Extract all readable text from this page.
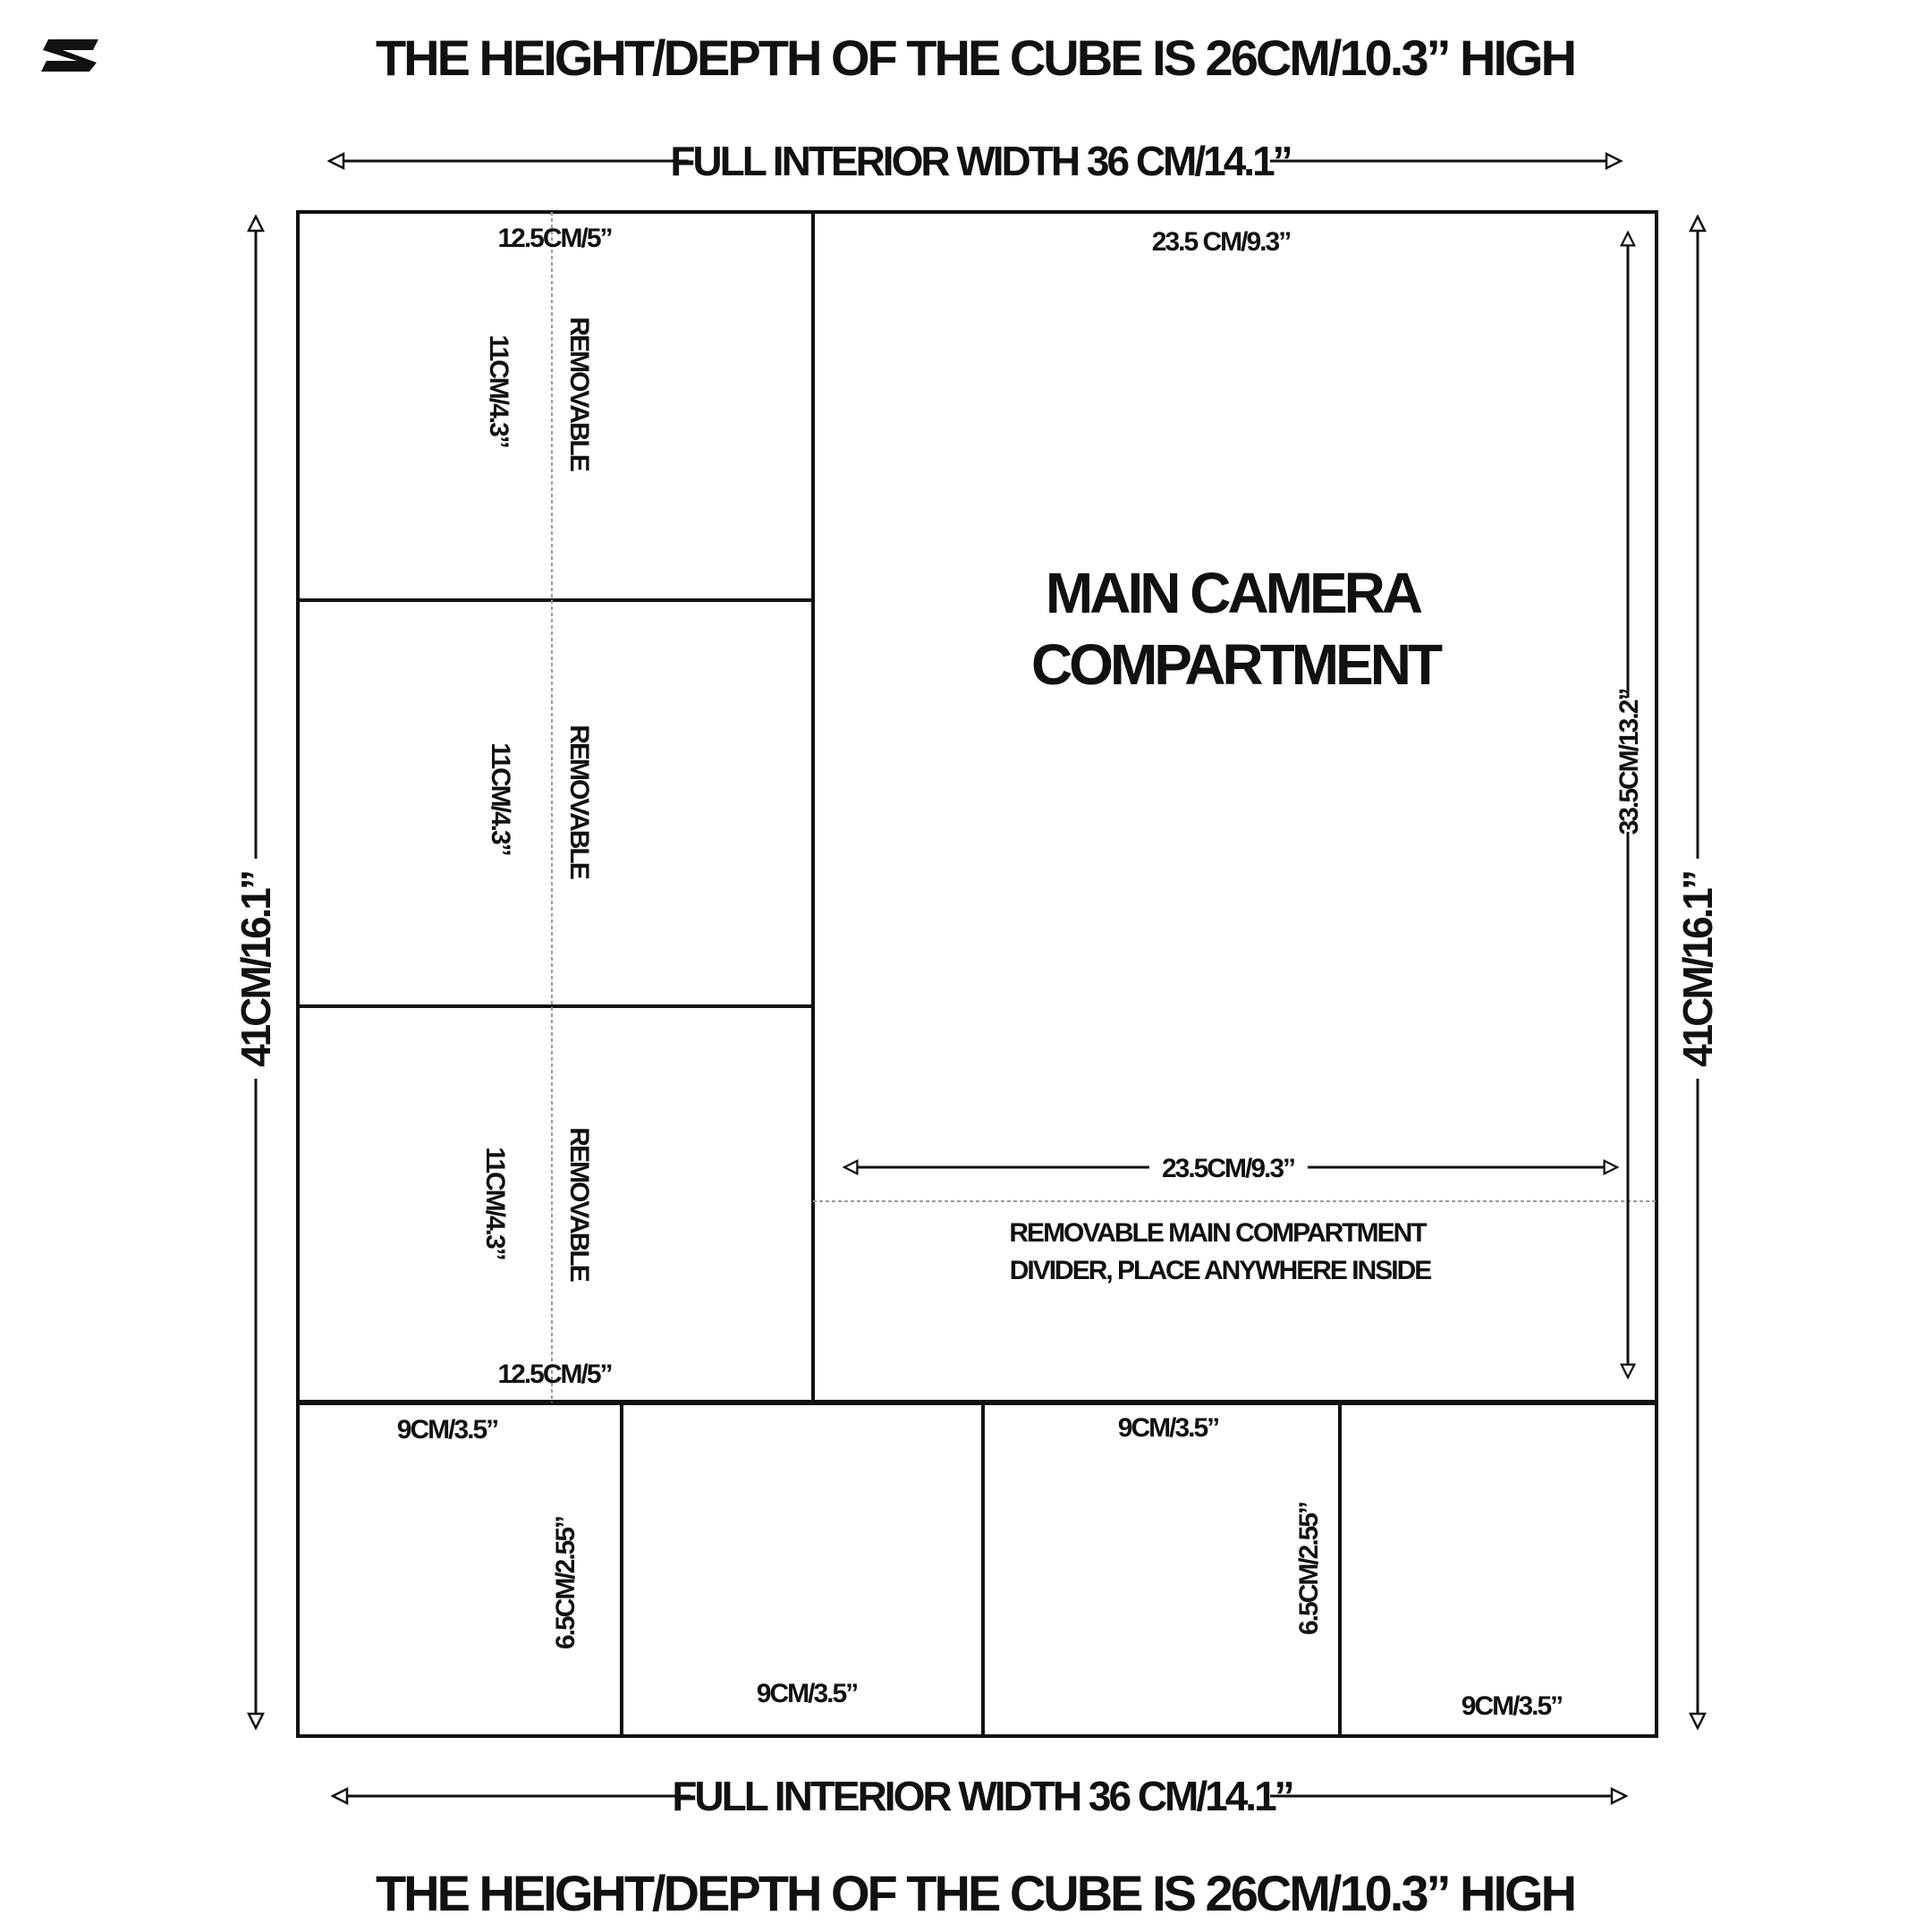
THE HEIGHT/DEPTH OF THE CUBE IS 26CM/10.3” HIGH
THE HEIGHT/DEPTH OF THE CUBE IS 26CM/10.3” HIGH
FULL INTERIOR WIDTH 36 CM/14.1”
FULL INTERIOR WIDTH 36 CM/14.1”
41CM/16.1”	41CM/16.1”
12.5CM/5”
12.5CM/5”
11CM/4.3” REMOVABLE
11CM/4.3” REMOVABLE
11CM/4.3” REMOVABLE
23.5 CM/9.3”
MAIN CAMERA
COMPARTMENT
33.5CM/13.2”
23.5CM/9.3”
REMOVABLE MAIN COMPARTMENT
DIVIDER, PLACE ANYWHERE INSIDE
9CM/3.5”
6.5CM/2.55”
9CM/3.5”
9CM/3.5”
6.5CM/2.55”
9CM/3.5”
